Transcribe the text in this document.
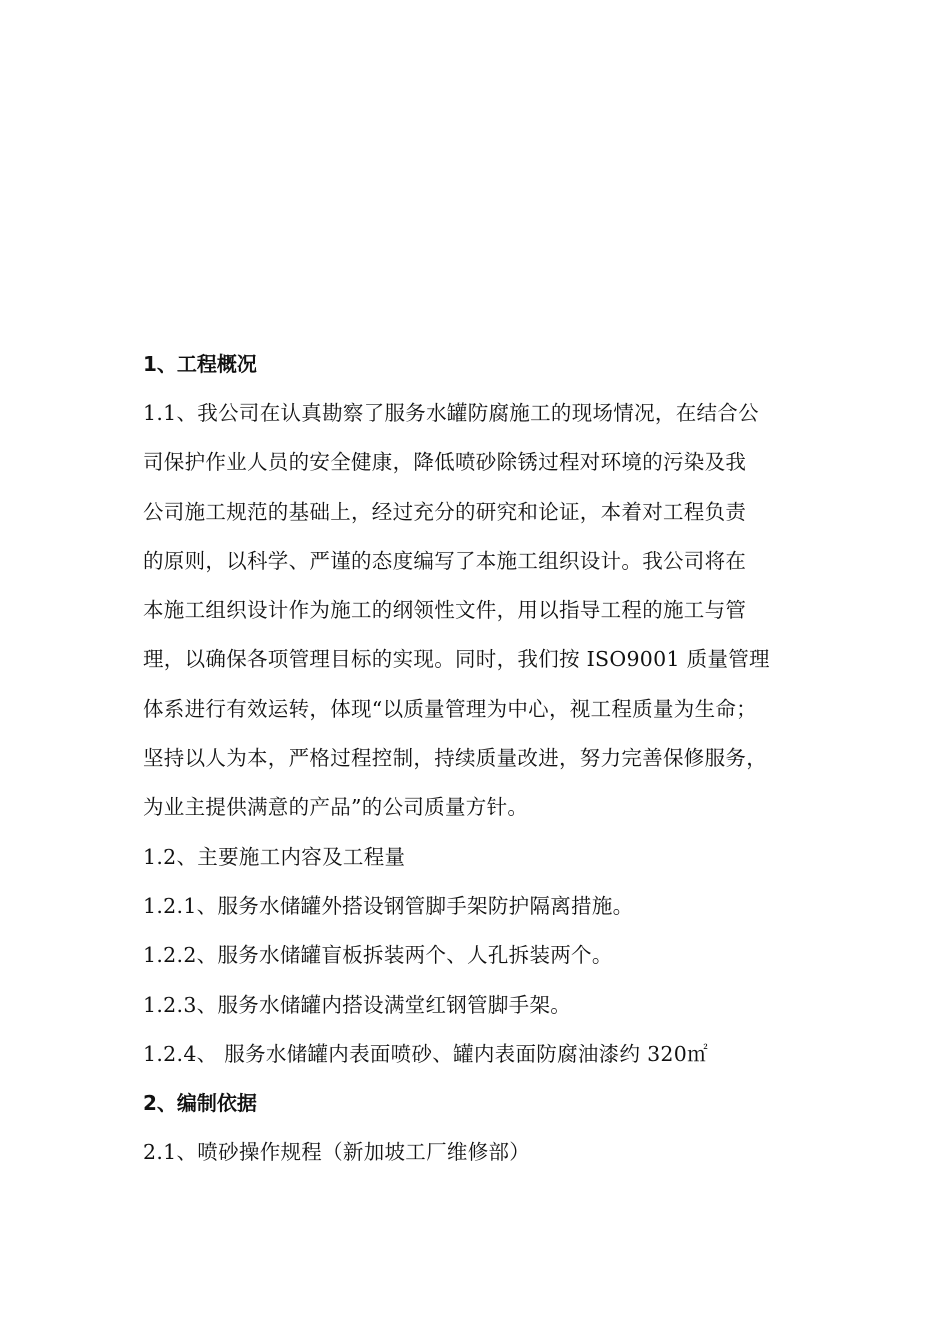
1、工程概况
1.1、我公司在认真勘察了服务水罐防腐施工的现场情况，在结合公
司保护作业人员的安全健康，降低喷砂除锈过程对环境的污染及我
公司施工规范的基础上，经过充分的研究和论证，本着对工程负责
的原则，以科学、严谨的态度编写了本施工组织设计。我公司将在
本施工组织设计作为施工的纲领性文件，用以指导工程的施工与管
理，以确保各项管理目标的实现。同时，我们按 ISO9001 质量管理
体系进行有效运转，体现“以质量管理为中心，视工程质量为生命；
坚持以人为本，严格过程控制，持续质量改进，努力完善保修服务，
为业主提供满意的产品”的公司质量方针。
1.2、主要施工内容及工程量
1.2.1、服务水储罐外搭设钢管脚手架防护隔离措施。
1.2.2、服务水储罐盲板拆装两个、人孔拆装两个。
1.2.3、服务水储罐内搭设满堂红钢管脚手架。
1.2.4、 服务水储罐内表面喷砂、罐内表面防腐油漆约 320㎡
2、编制依据
2.1、喷砂操作规程（新加坡工厂维修部）
